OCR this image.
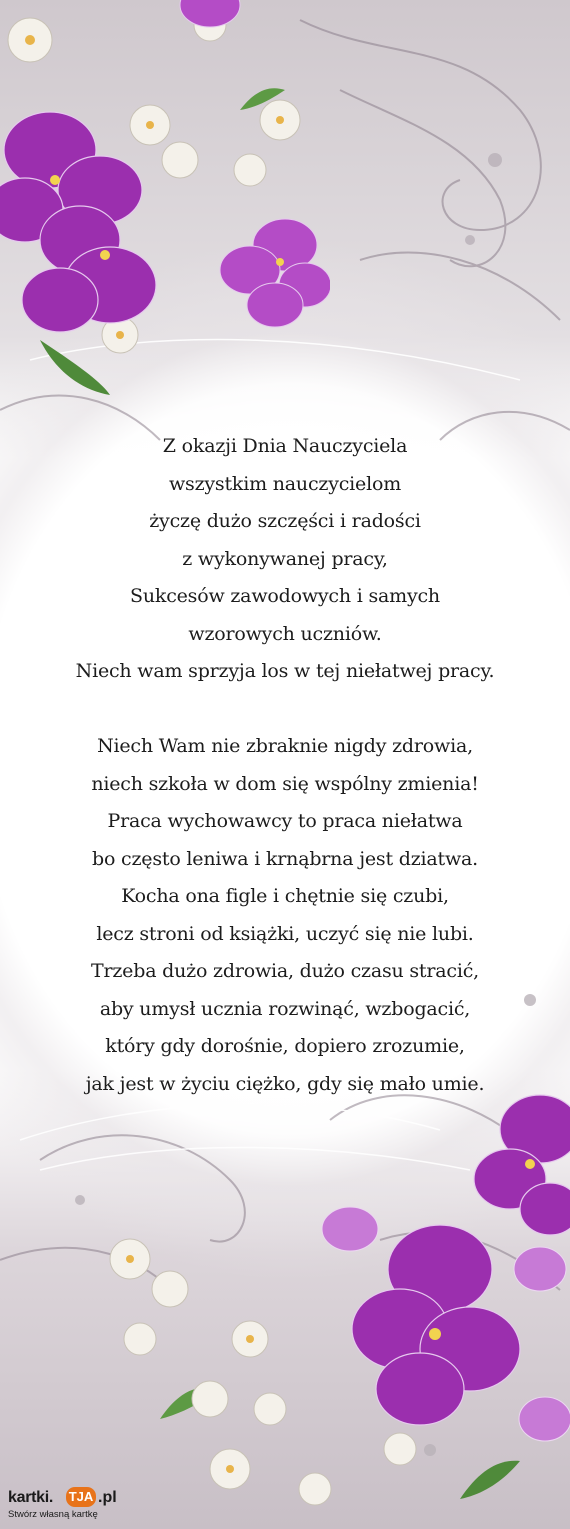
Z okazji Dnia Nauczyciela
wszystkim nauczycielom
życzę dużo szczęści i radości
z wykonywanej pracy,
Sukcesów zawodowych i samych
wzorowych uczniów.
Niech wam sprzyja los w tej niełatwej pracy.
Niech Wam nie zbraknie nigdy zdrowia,
niech szkoła w dom się wspólny zmienia!
Praca wychowawcy to praca niełatwa
bo często leniwa i krnąbrna jest dziatwa.
Kocha ona figle i chętnie się czubi,
lecz stroni od książki, uczyć się nie lubi.
Trzeba dużo zdrowia, dużo czasu stracić,
aby umysł ucznia rozwinąć, wzbogacić,
który gdy dorośnie, dopiero zrozumie,
jak jest w życiu ciężko, gdy się mało umie.
kartki. TJA .pl
Stwórz własną kartkę
